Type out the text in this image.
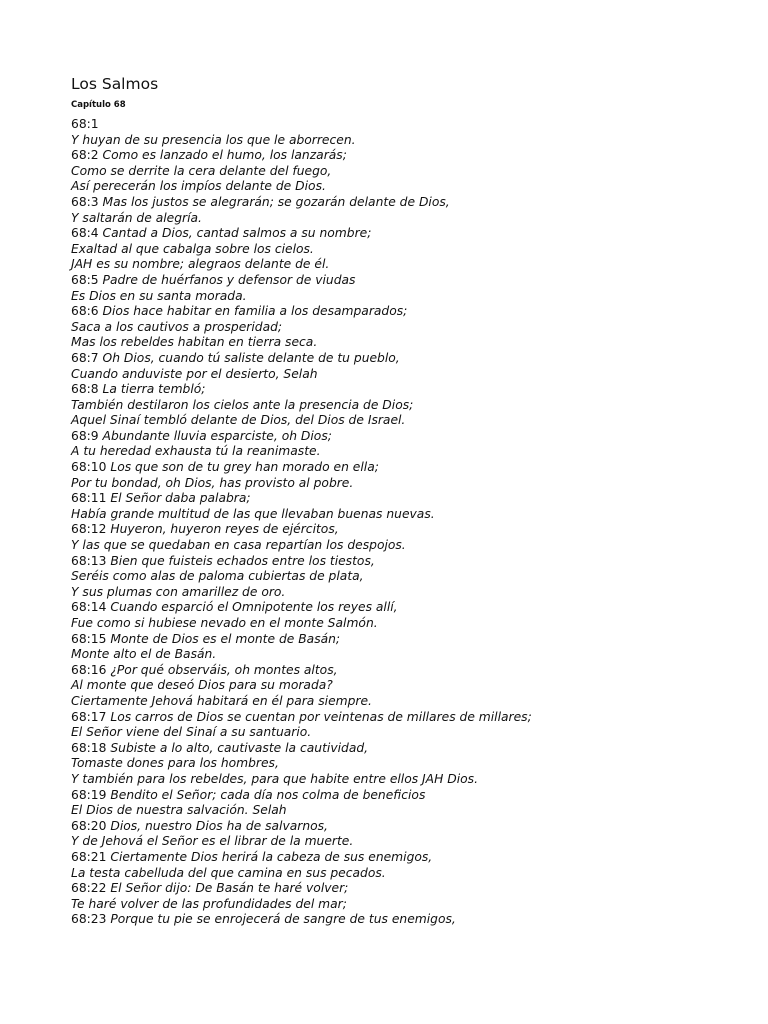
Los Salmos
Capítulo 68
68:1
Y huyan de su presencia los que le aborrecen.
68:2 Como es lanzado el humo, los lanzarás;
Como se derrite la cera delante del fuego,
Así perecerán los impíos delante de Dios.
68:3 Mas los justos se alegrarán; se gozarán delante de Dios,
Y saltarán de alegría.
68:4 Cantad a Dios, cantad salmos a su nombre;
Exaltad al que cabalga sobre los cielos.
JAH es su nombre; alegraos delante de él.
68:5 Padre de huérfanos y defensor de viudas
Es Dios en su santa morada.
68:6 Dios hace habitar en familia a los desamparados;
Saca a los cautivos a prosperidad;
Mas los rebeldes habitan en tierra seca.
68:7 Oh Dios, cuando tú saliste delante de tu pueblo,
Cuando anduviste por el desierto, Selah
68:8 La tierra tembló;
También destilaron los cielos ante la presencia de Dios;
Aquel Sinaí tembló delante de Dios, del Dios de Israel.
68:9 Abundante lluvia esparciste, oh Dios;
A tu heredad exhausta tú la reanimaste.
68:10 Los que son de tu grey han morado en ella;
Por tu bondad, oh Dios, has provisto al pobre.
68:11 El Señor daba palabra;
Había grande multitud de las que llevaban buenas nuevas.
68:12 Huyeron, huyeron reyes de ejércitos,
Y las que se quedaban en casa repartían los despojos.
68:13 Bien que fuisteis echados entre los tiestos,
Seréis como alas de paloma cubiertas de plata,
Y sus plumas con amarillez de oro.
68:14 Cuando esparció el Omnipotente los reyes allí,
Fue como si hubiese nevado en el monte Salmón.
68:15 Monte de Dios es el monte de Basán;
Monte alto el de Basán.
68:16 ¿Por qué observáis, oh montes altos,
Al monte que deseó Dios para su morada?
Ciertamente Jehová habitará en él para siempre.
68:17 Los carros de Dios se cuentan por veintenas de millares de millares;
El Señor viene del Sinaí a su santuario.
68:18 Subiste a lo alto, cautivaste la cautividad,
Tomaste dones para los hombres,
Y también para los rebeldes, para que habite entre ellos JAH Dios.
68:19 Bendito el Señor; cada día nos colma de beneficios
El Dios de nuestra salvación. Selah
68:20 Dios, nuestro Dios ha de salvarnos,
Y de Jehová el Señor es el librar de la muerte.
68:21 Ciertamente Dios herirá la cabeza de sus enemigos,
La testa cabelluda del que camina en sus pecados.
68:22 El Señor dijo: De Basán te haré volver;
Te haré volver de las profundidades del mar;
68:23 Porque tu pie se enrojecerá de sangre de tus enemigos,
